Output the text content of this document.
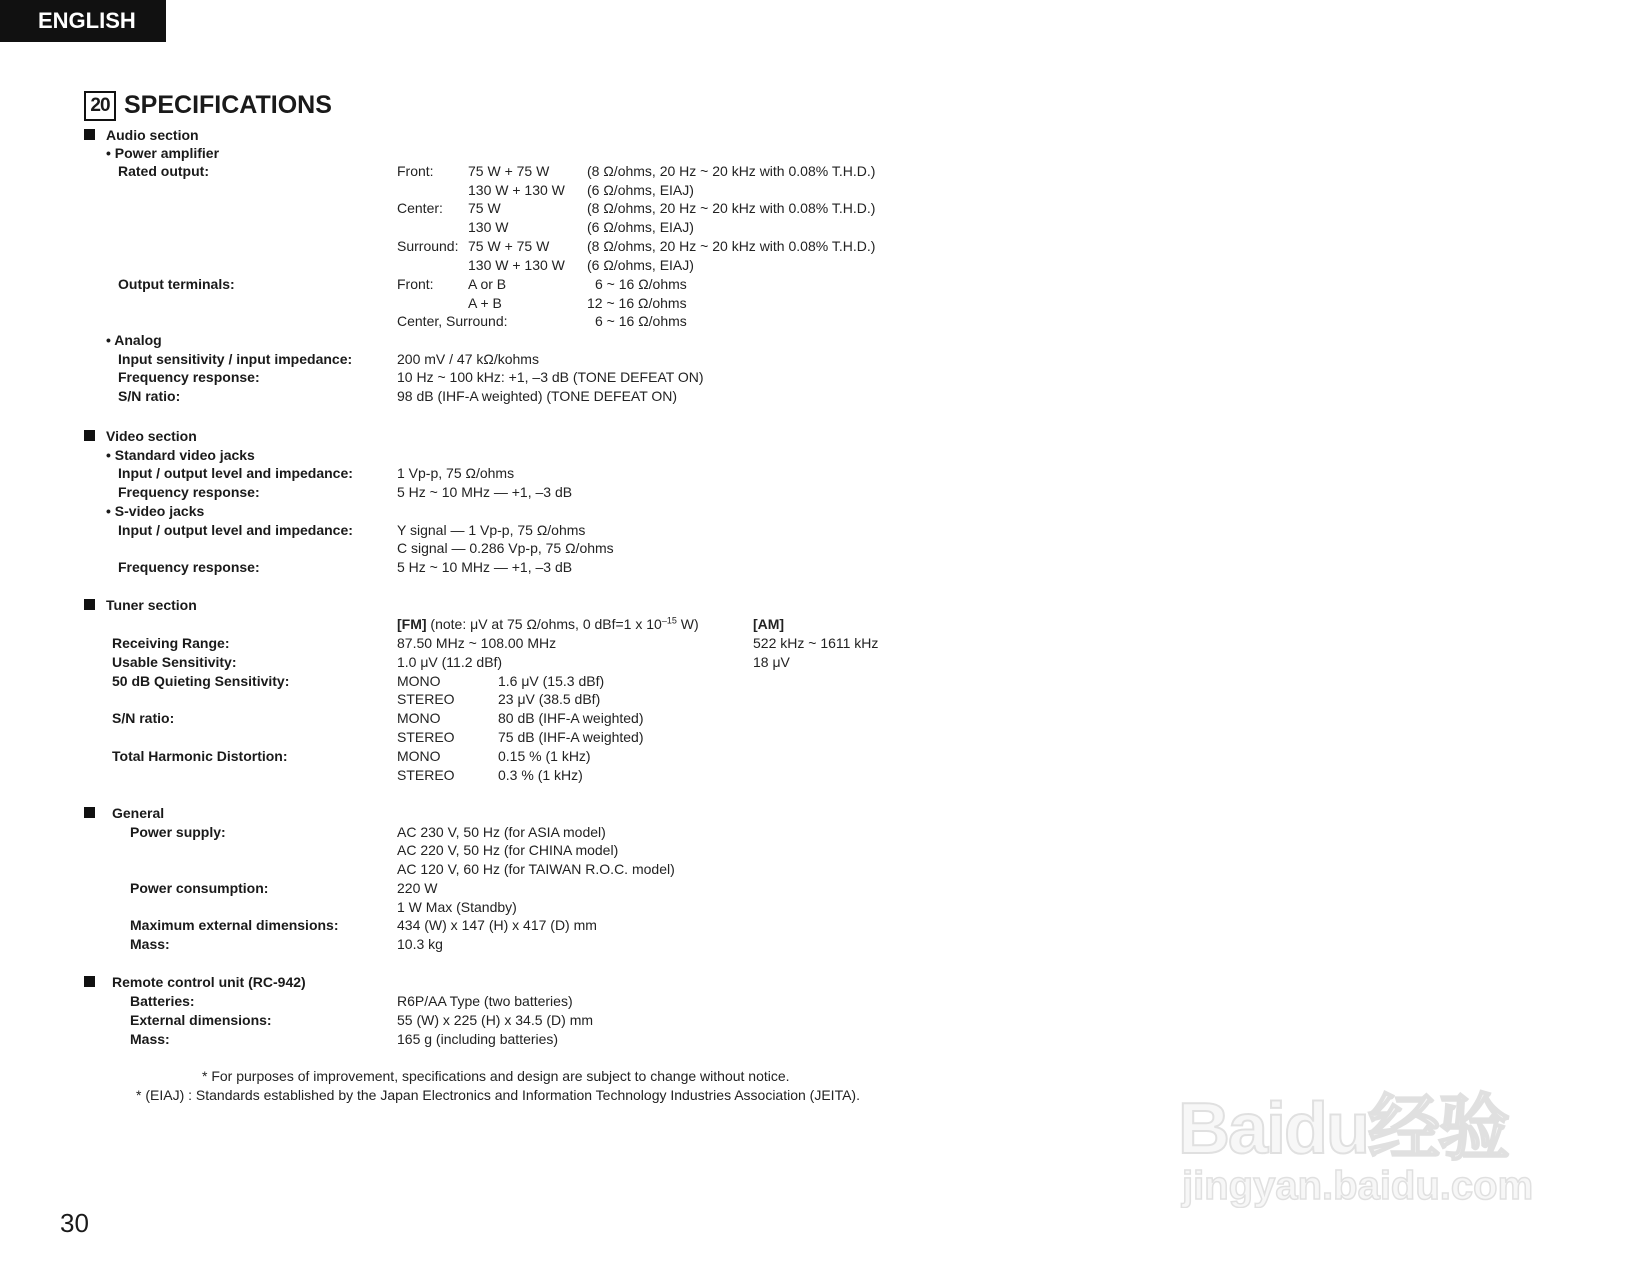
ENGLISH
20 SPECIFICATIONS
Audio section
• Power amplifier
Rated output:	Front: 75 W + 75 W	(8 Ω/ohms, 20 Hz ~ 20 kHz with 0.08% T.H.D.)
130 W + 130 W (6 Ω/ohms, EIAJ)
Center: 75 W	(8 Ω/ohms, 20 Hz ~ 20 kHz with 0.08% T.H.D.)
130 W	(6 Ω/ohms, EIAJ)
Surround: 75 W + 75 W	(8 Ω/ohms, 20 Hz ~ 20 kHz with 0.08% T.H.D.)
130 W + 130 W (6 Ω/ohms, EIAJ)
Output terminals:	Front: A or B	6 ~ 16 Ω/ohms
A + B	12 ~ 16 Ω/ohms
Center, Surround:	6 ~ 16 Ω/ohms
• Analog
Input sensitivity / input impedance:	200 mV / 47 kΩ/kohms
Frequency response:	10 Hz ~ 100 kHz: +1, –3 dB (TONE DEFEAT ON)
S/N ratio:	98 dB (IHF-A weighted) (TONE DEFEAT ON)
Video section
• Standard video jacks
Input / output level and impedance:	1 Vp-p, 75 Ω/ohms
Frequency response:	5 Hz ~ 10 MHz — +1, –3 dB
• S-video jacks
Input / output level and impedance:	Y signal — 1 Vp-p, 75 Ω/ohms
C signal — 0.286 Vp-p, 75 Ω/ohms
Frequency response:	5 Hz ~ 10 MHz — +1, –3 dB
Tuner section
[FM] (note: μV at 75 Ω/ohms, 0 dBf=1 x $10^{-15}$ W)	[AM]
Receiving Range:	87.50 MHz ~ 108.00 MHz	522 kHz ~ 1611 kHz
Usable Sensitivity:	1.0 μV (11.2 dBf)	18 μV
50 dB Quieting Sensitivity:	MONO	1.6 μV (15.3 dBf)
STEREO	23 μV (38.5 dBf)
S/N ratio:	MONO	80 dB (IHF-A weighted)
STEREO	75 dB (IHF-A weighted)
Total Harmonic Distortion:	MONO	0.15 % (1 kHz)
STEREO	0.3 % (1 kHz)
General
Power supply:	AC 230 V, 50 Hz (for ASIA model)
AC 220 V, 50 Hz (for CHINA model)
AC 120 V, 60 Hz (for TAIWAN R.O.C. model)
Power consumption:	220 W
1 W Max (Standby)
Maximum external dimensions:	434 (W) x 147 (H) x 417 (D) mm
Mass:	10.3 kg
Remote control unit (RC-942)
Batteries:	R6P/AA Type (two batteries)
External dimensions:	55 (W) x 225 (H) x 34.5 (D) mm
Mass:	165 g (including batteries)
* For purposes of improvement, specifications and design are subject to change without notice.
* (EIAJ) : Standards established by the Japan Electronics and Information Technology Industries Association (JEITA).	Baidu经验
jingyan.baidu.com
30
